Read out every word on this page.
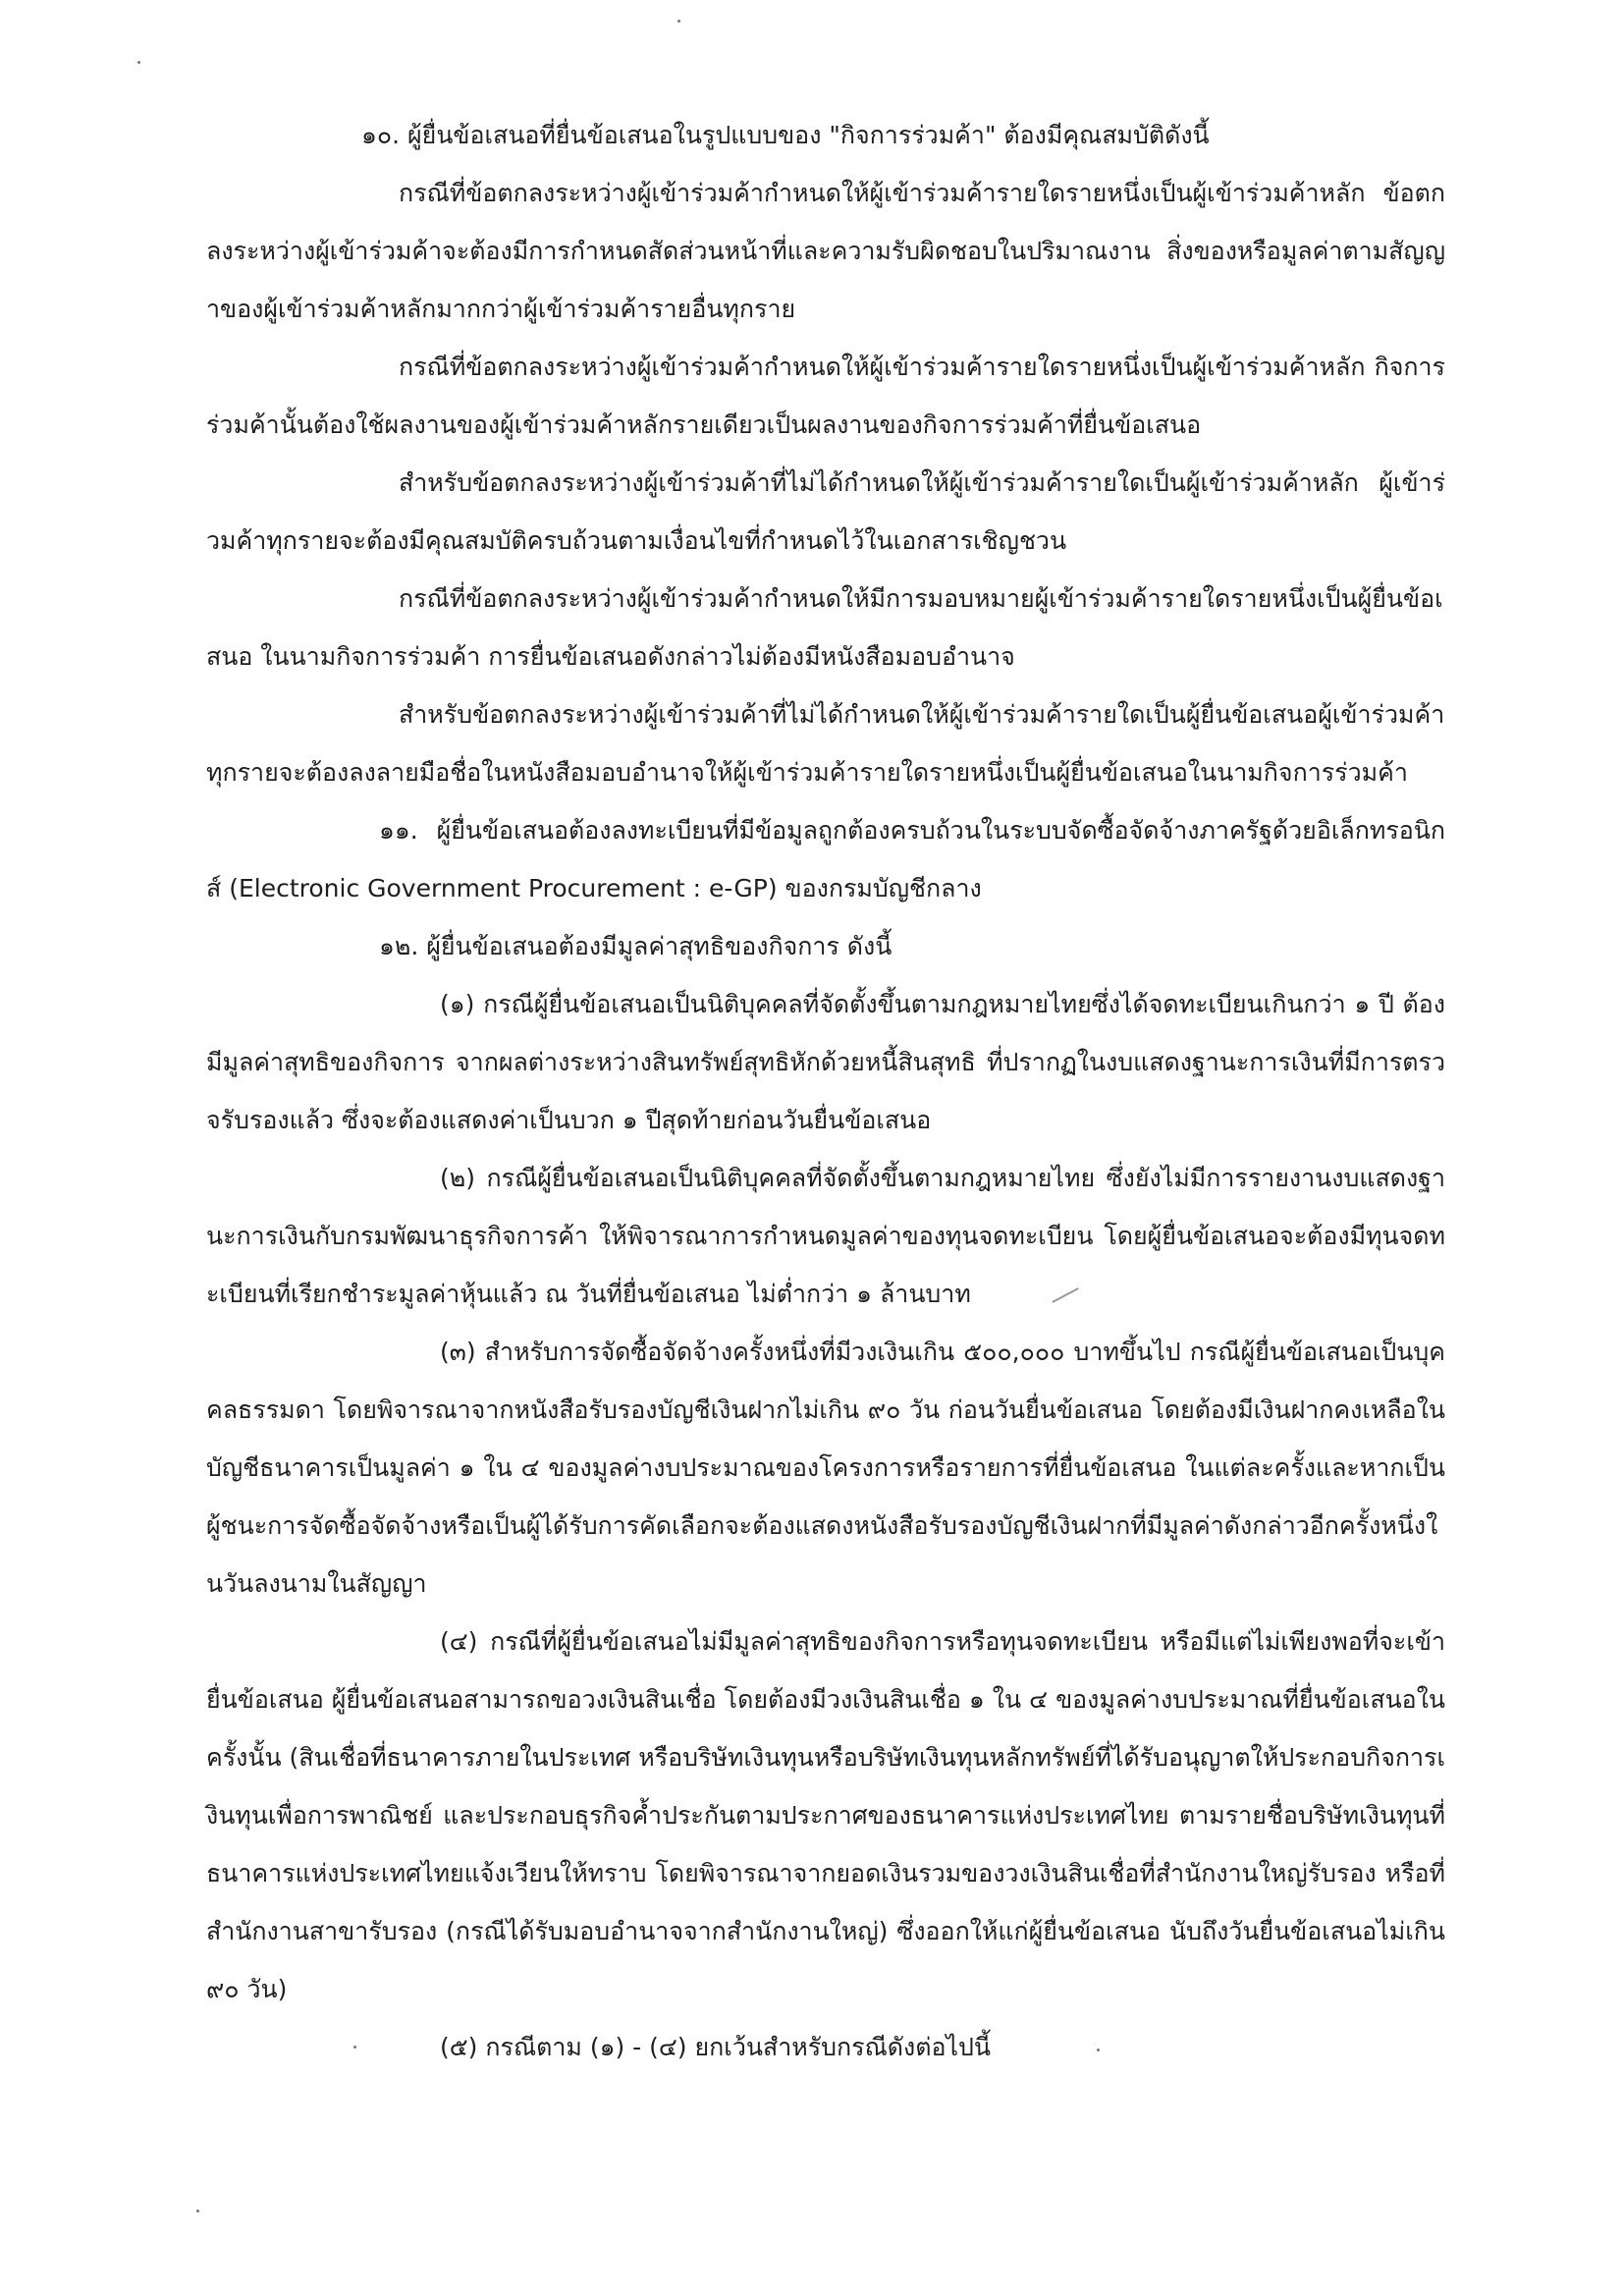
๑๐. ผู้ยื่นข้อเสนอที่ยื่นข้อเสนอในรูปแบบของ "กิจการร่วมค้า" ต้องมีคุณสมบัติดังนี้

กรณีที่ข้อตกลงระหว่างผู้เข้าร่วมค้ากำหนดให้ผู้เข้าร่วมค้ารายใดรายหนึ่งเป็นผู้เข้าร่วมค้าหลัก ข้อตกลงระหว่างผู้เข้าร่วมค้าจะต้องมีการกำหนดสัดส่วนหน้าที่และความรับผิดชอบในปริมาณงาน สิ่งของหรือมูลค่าตามสัญญาของผู้เข้าร่วมค้าหลักมากกว่าผู้เข้าร่วมค้ารายอื่นทุกราย

กรณีที่ข้อตกลงระหว่างผู้เข้าร่วมค้ากำหนดให้ผู้เข้าร่วมค้ารายใดรายหนึ่งเป็นผู้เข้าร่วมค้าหลัก กิจการร่วมค้านั้นต้องใช้ผลงานของผู้เข้าร่วมค้าหลักรายเดียวเป็นผลงานของกิจการร่วมค้าที่ยื่นข้อเสนอ

สำหรับข้อตกลงระหว่างผู้เข้าร่วมค้าที่ไม่ได้กำหนดให้ผู้เข้าร่วมค้ารายใดเป็นผู้เข้าร่วมค้าหลัก ผู้เข้าร่วมค้าทุกรายจะต้องมีคุณสมบัติครบถ้วนตามเงื่อนไขที่กำหนดไว้ในเอกสารเชิญชวน

กรณีที่ข้อตกลงระหว่างผู้เข้าร่วมค้ากำหนดให้มีการมอบหมายผู้เข้าร่วมค้ารายใดรายหนึ่งเป็นผู้ยื่นข้อเสนอ ในนามกิจการร่วมค้า การยื่นข้อเสนอดังกล่าวไม่ต้องมีหนังสือมอบอำนาจ

สำหรับข้อตกลงระหว่างผู้เข้าร่วมค้าที่ไม่ได้กำหนดให้ผู้เข้าร่วมค้ารายใดเป็นผู้ยื่นข้อเสนอผู้เข้าร่วมค้าทุกรายจะต้องลงลายมือชื่อในหนังสือมอบอำนาจให้ผู้เข้าร่วมค้ารายใดรายหนึ่งเป็นผู้ยื่นข้อเสนอในนามกิจการร่วมค้า

๑๑. ผู้ยื่นข้อเสนอต้องลงทะเบียนที่มีข้อมูลถูกต้องครบถ้วนในระบบจัดซื้อจัดจ้างภาครัฐด้วยอิเล็กทรอนิกส์ (Electronic Government Procurement : e-GP) ของกรมบัญชีกลาง

๑๒. ผู้ยื่นข้อเสนอต้องมีมูลค่าสุทธิของกิจการ ดังนี้

(๑) กรณีผู้ยื่นข้อเสนอเป็นนิติบุคคลที่จัดตั้งขึ้นตามกฎหมายไทยซึ่งได้จดทะเบียนเกินกว่า ๑ ปี ต้องมีมูลค่าสุทธิของกิจการ จากผลต่างระหว่างสินทรัพย์สุทธิหักด้วยหนี้สินสุทธิ ที่ปรากฏในงบแสดงฐานะการเงินที่มีการตรวจรับรองแล้ว ซึ่งจะต้องแสดงค่าเป็นบวก ๑ ปีสุดท้ายก่อนวันยื่นข้อเสนอ

(๒) กรณีผู้ยื่นข้อเสนอเป็นนิติบุคคลที่จัดตั้งขึ้นตามกฎหมายไทย ซึ่งยังไม่มีการรายงานงบแสดงฐานะการเงินกับกรมพัฒนาธุรกิจการค้า ให้พิจารณาการกำหนดมูลค่าของทุนจดทะเบียน โดยผู้ยื่นข้อเสนอจะต้องมีทุนจดทะเบียนที่เรียกชำระมูลค่าหุ้นแล้ว ณ วันที่ยื่นข้อเสนอ ไม่ต่ำกว่า ๑ ล้านบาท

(๓) สำหรับการจัดซื้อจัดจ้างครั้งหนึ่งที่มีวงเงินเกิน ๕๐๐,๐๐๐ บาทขึ้นไป กรณีผู้ยื่นข้อเสนอเป็นบุคคลธรรมดา โดยพิจารณาจากหนังสือรับรองบัญชีเงินฝากไม่เกิน ๙๐ วัน ก่อนวันยื่นข้อเสนอ โดยต้องมีเงินฝากคงเหลือในบัญชีธนาคารเป็นมูลค่า ๑ ใน ๔ ของมูลค่างบประมาณของโครงการหรือรายการที่ยื่นข้อเสนอ ในแต่ละครั้งและหากเป็นผู้ชนะการจัดซื้อจัดจ้างหรือเป็นผู้ได้รับการคัดเลือกจะต้องแสดงหนังสือรับรองบัญชีเงินฝากที่มีมูลค่าดังกล่าวอีกครั้งหนึ่งในวันลงนามในสัญญา

(๔) กรณีที่ผู้ยื่นข้อเสนอไม่มีมูลค่าสุทธิของกิจการหรือทุนจดทะเบียน หรือมีแต่ไม่เพียงพอที่จะเข้ายื่นข้อเสนอ ผู้ยื่นข้อเสนอสามารถขอวงเงินสินเชื่อ โดยต้องมีวงเงินสินเชื่อ ๑ ใน ๔ ของมูลค่างบประมาณที่ยื่นข้อเสนอในครั้งนั้น (สินเชื่อที่ธนาคารภายในประเทศ หรือบริษัทเงินทุนหรือบริษัทเงินทุนหลักทรัพย์ที่ได้รับอนุญาตให้ประกอบกิจการเงินทุนเพื่อการพาณิชย์ และประกอบธุรกิจค้ำประกันตามประกาศของธนาคารแห่งประเทศไทย ตามรายชื่อบริษัทเงินทุนที่ธนาคารแห่งประเทศไทยแจ้งเวียนให้ทราบ โดยพิจารณาจากยอดเงินรวมของวงเงินสินเชื่อที่สำนักงานใหญ่รับรอง หรือที่สำนักงานสาขารับรอง (กรณีได้รับมอบอำนาจจากสำนักงานใหญ่) ซึ่งออกให้แก่ผู้ยื่นข้อเสนอ นับถึงวันยื่นข้อเสนอไม่เกิน ๙๐ วัน)

(๕) กรณีตาม (๑) - (๔) ยกเว้นสำหรับกรณีดังต่อไปนี้
